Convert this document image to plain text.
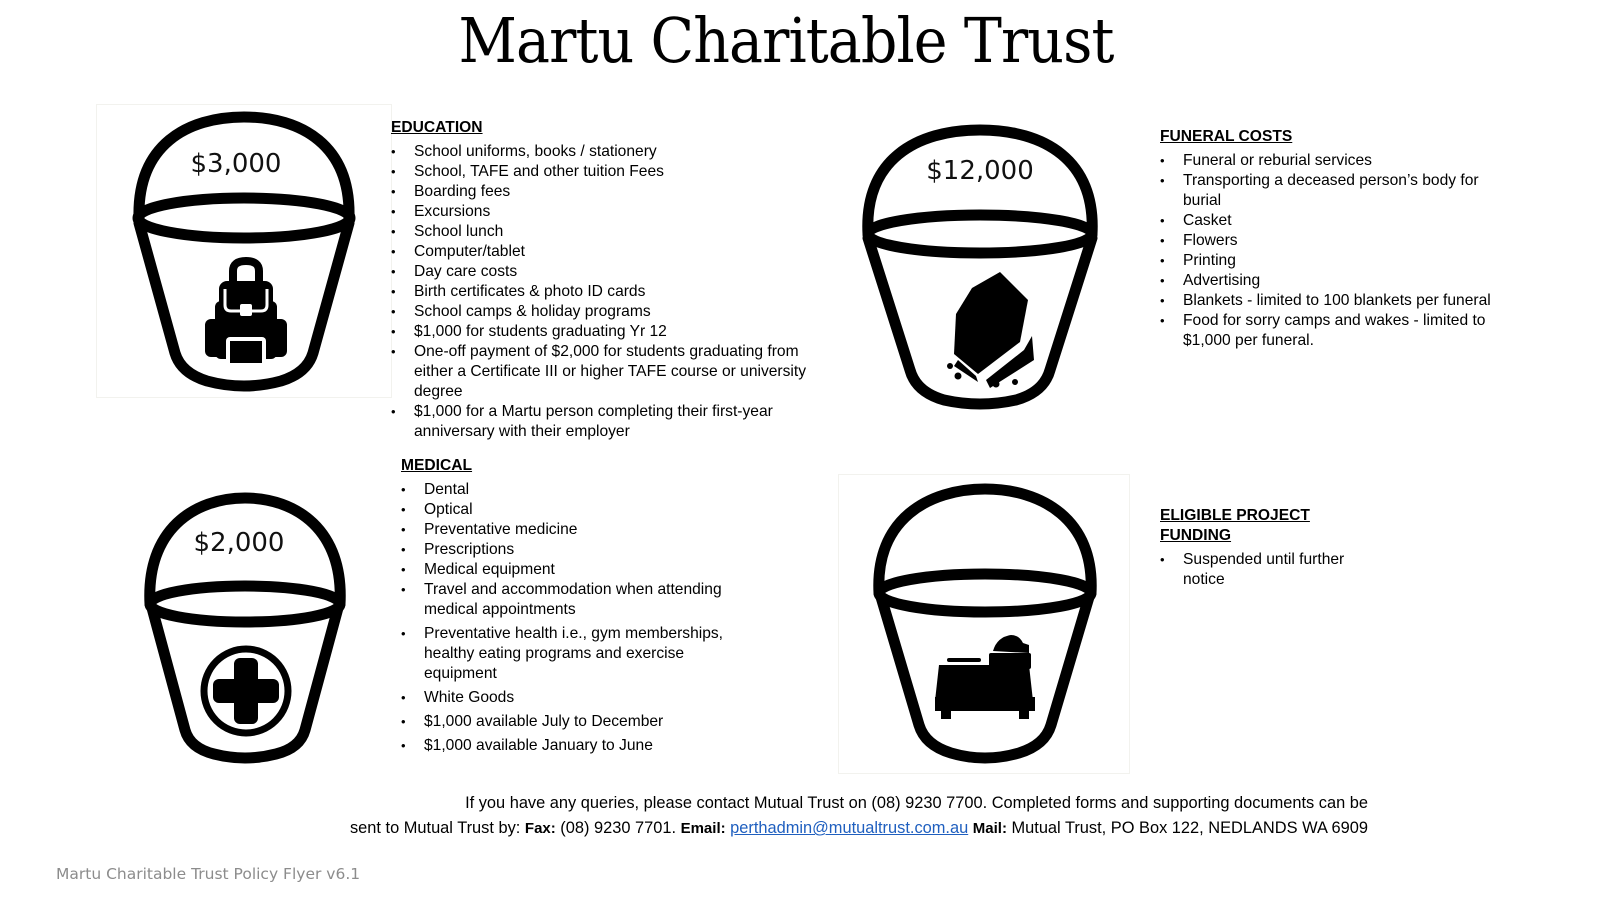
Martu Charitable Trust
$3,000
EDUCATION
• School uniforms, books / stationery
• School, TAFE and other tuition Fees
• Boarding fees
• Excursions
• School lunch
• Computer/tablet
• Day care costs
• Birth certificates & photo ID cards
• School camps & holiday programs
• $1,000 for students graduating Yr 12
• One-off payment of $2,000 for students graduating from either a Certificate III or higher TAFE course or university degree
• $1,000 for a Martu person completing their first-year anniversary with their employer
$12,000
FUNERAL COSTS
• Funeral or reburial services
• Transporting a deceased person’s body for burial
• Casket
• Flowers
• Printing
• Advertising
• Blankets - limited to 100 blankets per funeral
• Food for sorry camps and wakes - limited to $1,000 per funeral.
$2,000
MEDICAL
• Dental
• Optical
• Preventative medicine
• Prescriptions
• Medical equipment
• Travel and accommodation when attending medical appointments
• Preventative health i.e., gym memberships, healthy eating programs and exercise equipment
• White Goods
• $1,000 available July to December
• $1,000 available January to June
ELIGIBLE PROJECT
FUNDING
• Suspended until further notice
If you have any queries, please contact Mutual Trust on (08) 9230 7700. Completed forms and supporting documents can be
sent to Mutual Trust by: Fax: (08) 9230 7701. Email: perthadmin@mutualtrust.com.au Mail: Mutual Trust, PO Box 122, NEDLANDS WA 6909
Martu Charitable Trust Policy Flyer v6.1
